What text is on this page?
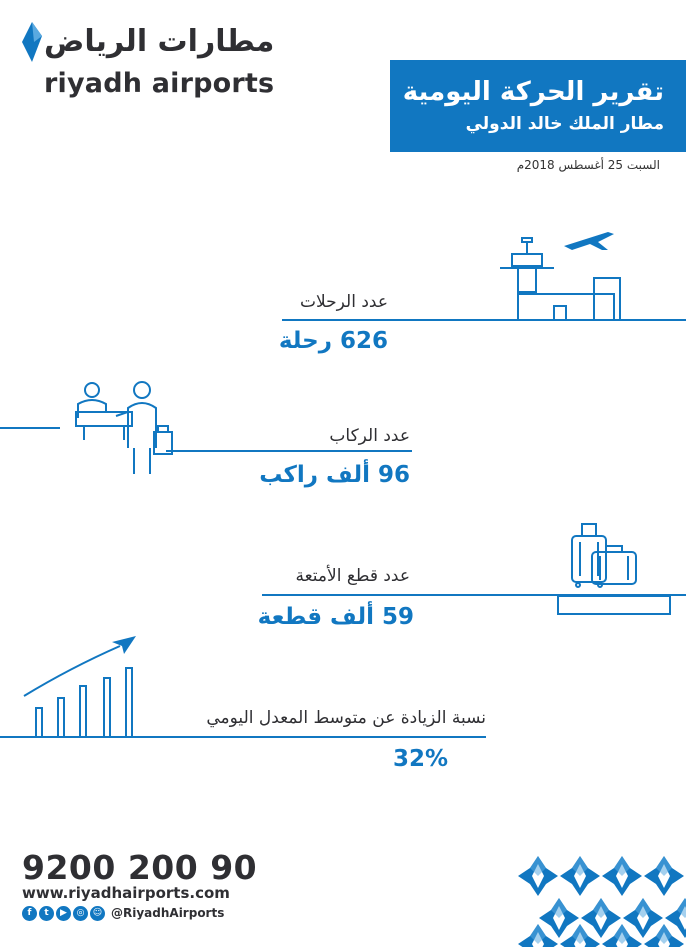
مطارات الرياض
riyadh airports	تقرير الحركة اليومية
مطار الملك خالد الدولي
السبت 25 أغسطس 2018م
عدد الرحلات
626 رحلة
عدد الركاب
96 ألف راكب
عدد قطع الأمتعة
59 ألف قطعة
نسبة الزيادة عن متوسط المعدل اليومي
32%
9200 200 90
www.riyadhairports.com
f	t	▶	◎ ☺ @RiyadhAirports
